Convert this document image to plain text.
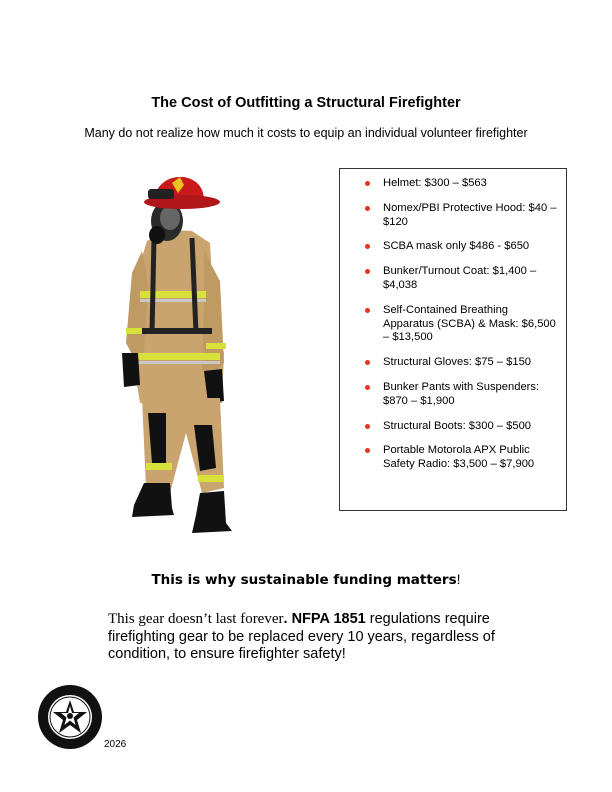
The Cost of Outfitting a Structural Firefighter
Many do not realize how much it costs to equip an individual volunteer firefighter
Helmet: $300 – $563
Nomex/PBI Protective Hood: $40 – $120
SCBA mask only $486 - $650
Bunker/Turnout Coat: $1,400 – $4,038
Self-Contained Breathing Apparatus (SCBA) & Mask: $6,500 – $13,500
Structural Gloves: $75 – $150
Bunker Pants with Suspenders: $870 – $1,900
Structural Boots: $300 – $500
Portable Motorola APX Public Safety Radio: $3,500 – $7,900
This is why sustainable funding matters!
This gear doesn’t last forever. NFPA 1851 regulations require firefighting gear to be replaced every 10 years, regardless of condition, to ensure firefighter safety!
2026
